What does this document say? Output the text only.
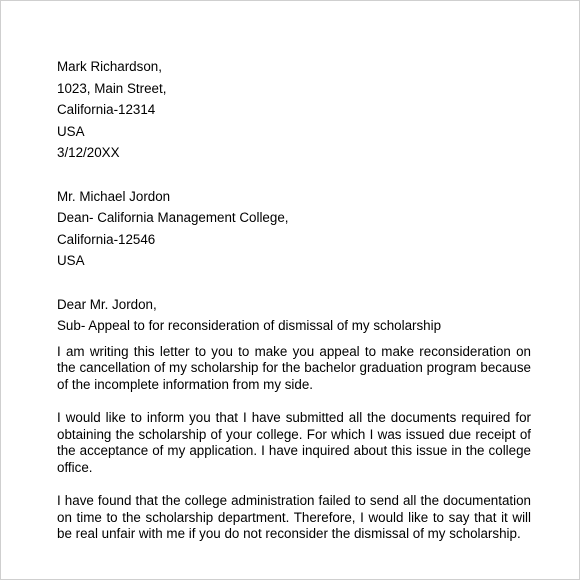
Mark Richardson,
1023, Main Street,
California-12314
USA
3/12/20XX
Mr. Michael Jordon
Dean- California Management College,
California-12546
USA
Dear Mr. Jordon,
Sub- Appeal to for reconsideration of dismissal of my scholarship

I am writing this letter to you to make you appeal to make reconsideration on the cancellation of my scholarship for the bachelor graduation program because of the incomplete information from my side.

I would like to inform you that I have submitted all the documents required for obtaining the scholarship of your college. For which I was issued due receipt of the acceptance of my application. I have inquired about this issue in the college office.

I have found that the college administration failed to send all the documentation on time to the scholarship department. Therefore, I would like to say that it will be real unfair with me if you do not reconsider the dismissal of my scholarship.
